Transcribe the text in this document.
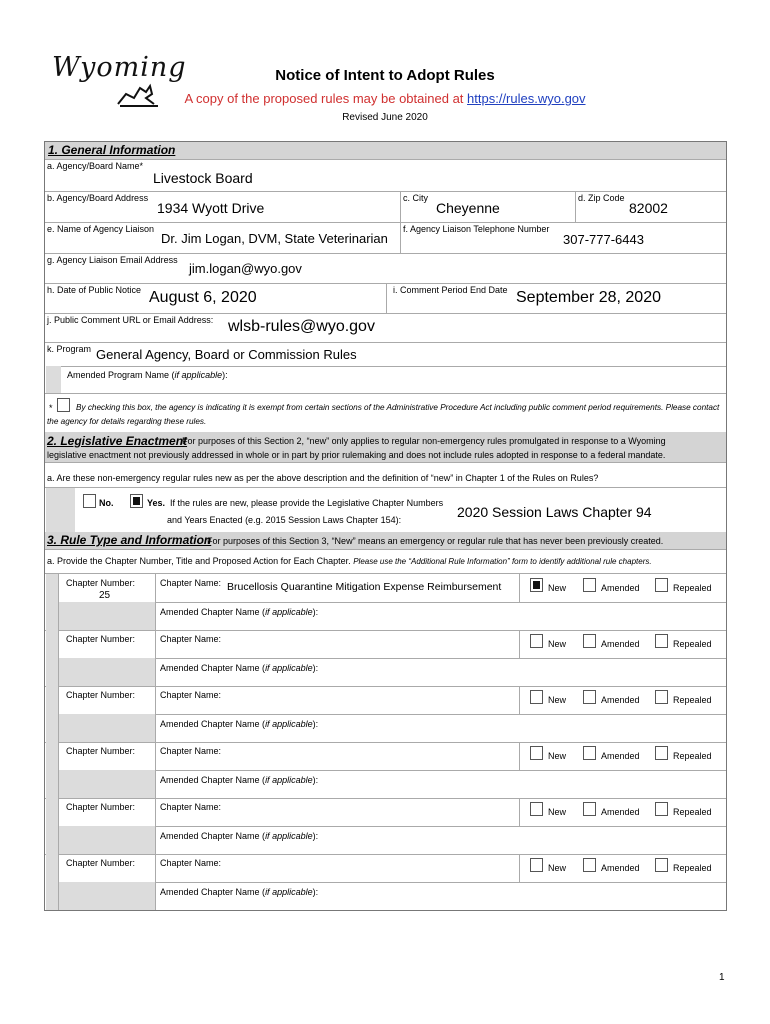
Wyoming	Notice of Intent to Adopt Rules
A copy of the proposed rules may be obtained at https://rules.wyo.gov
Revised June 2020
1. General Information
a. Agency/Board Name*
Livestock Board
b. Agency/Board Address
1934 Wyott Drive
c. City
Cheyenne
d. Zip Code
82002
e. Name of Agency Liaison
Dr. Jim Logan, DVM, State Veterinarian
f. Agency Liaison Telephone Number
307-777-6443
g. Agency Liaison Email Address
jim.logan@wyo.gov
h. Date of Public Notice August 6, 2020	i. Comment Period End Date September 28, 2020
j. Public Comment URL or Email Address: wlsb-rules@wyo.gov
k. Program General Agency, Board or Commission Rules
Amended Program Name (if applicable):
*	By checking this box, the agency is indicating it is exempt from certain sections of the Administrative Procedure Act including public comment period requirements. Please contact
the agency for details regarding these rules.
2. Legislative Enactment
For purposes of this Section 2, “new” only applies to regular non-emergency rules promulgated in response to a Wyoming
legislative enactment not previously addressed in whole or in part by prior rulemaking and does not include rules adopted in response to a federal mandate.
a. Are these non-emergency regular rules new as per the above description and the definition of “new” in Chapter 1 of the Rules on Rules?
No.	Yes. If the rules are new, please provide the Legislative Chapter Numbers
and Years Enacted (e.g. 2015 Session Laws Chapter 154):	2020 Session Laws Chapter 94
3. Rule Type and Information
For purposes of this Section 3, “New” means an emergency or regular rule that has never been previously created.
a. Provide the Chapter Number, Title and Proposed Action for Each Chapter. Please use the “Additional Rule Information” form to identify additional rule chapters.
Chapter Number:
25
Chapter Name: Brucellosis Quarantine Mitigation Expense Reimbursement	New	Amended	Repealed
Amended Chapter Name (if applicable):
Chapter Number:	Chapter Name:	New	Amended	Repealed
Amended Chapter Name (if applicable):
Chapter Number:	Chapter Name:	New	Amended	Repealed
Amended Chapter Name (if applicable):
Chapter Number:	Chapter Name:	New	Amended	Repealed
Amended Chapter Name (if applicable):
Chapter Number:	Chapter Name:	New	Amended	Repealed
Amended Chapter Name (if applicable):
Chapter Number:	Chapter Name:	New	Amended	Repealed
Amended Chapter Name (if applicable):
1
